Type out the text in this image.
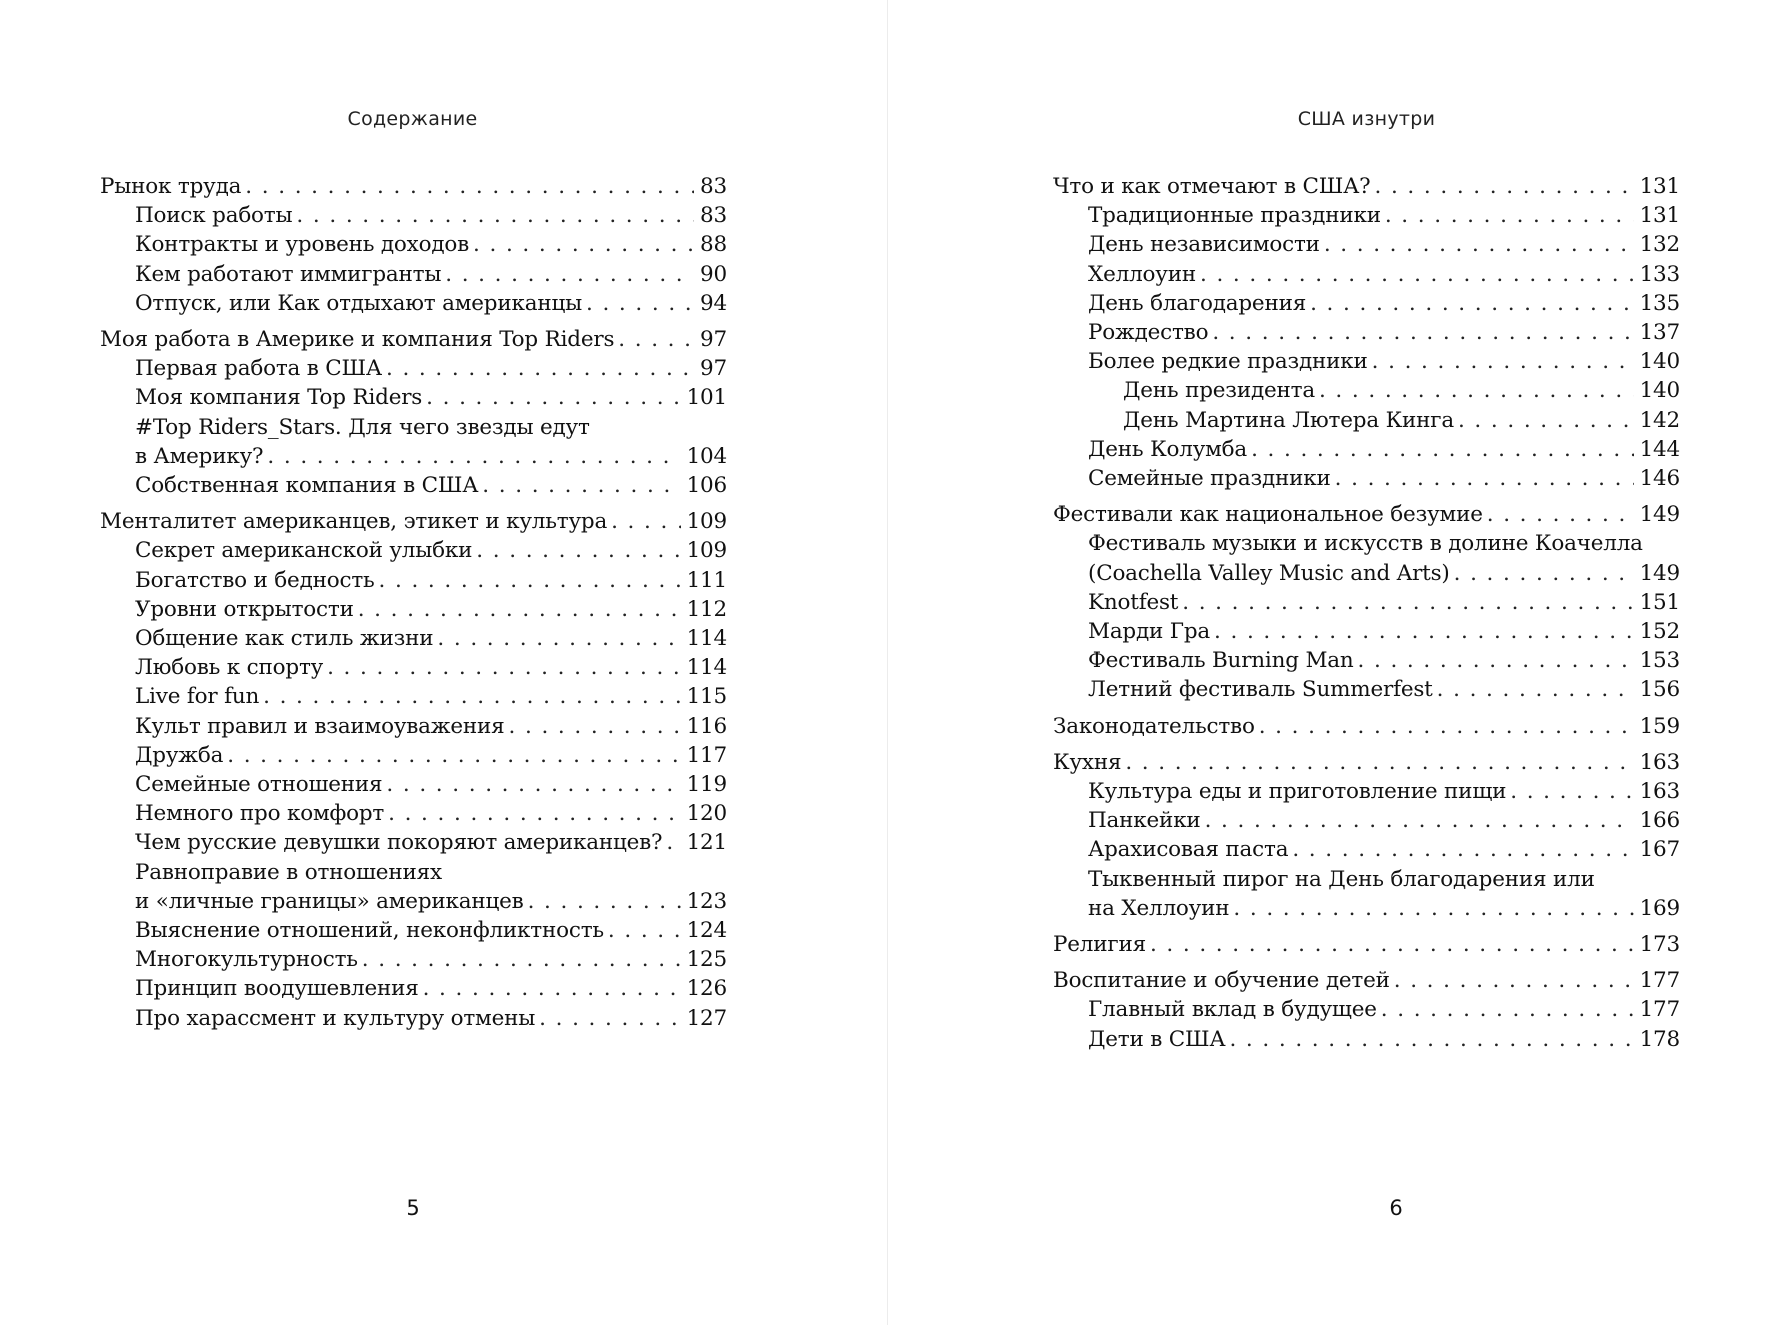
Содержание
Рынок труда . . .	83
Поиск работы . . .	83
Контракты и уровень доходов . . .	88
Кем работают иммигранты . . .	90
Отпуск, или Как отдыхают американцы . . .	94
Моя работа в Америке и компания Top Riders . . .	97
Первая работа в США . . .	97
Моя компания Top Riders . . .	101
#Top Riders_Stars. Для чего звезды едут
в Америку? . . .	104
Собственная компания в США . . .	106
Менталитет американцев, этикет и культура . . .	109
Секрет американской улыбки . . .	109
Богатство и бедность . . .	111
Уровни открытости . . .	112
Общение как стиль жизни . . .	114
Любовь к спорту . . .	114
Live for fun . . .	115
Культ правил и взаимоуважения . . .	116
Дружба . . .	117
Семейные отношения . . .	119
Немного про комфорт . . .	120
Чем русские девушки покоряют американцев? . . . 121
Равноправие в отношениях
и «личные границы» американцев . . .	123
Выяснение отношений, неконфликтность . . .	124
Многокультурность . . .	125
Принцип воодушевления . . .	126
Про харассмент и культуру отмены . . .	127
5
США изнутри
Что и как отмечают в США? . . .	131
Традиционные праздники . . .	131
День независимости . . .	132
Хеллоуин . . .	133
День благодарения . . .	135
Рождество . . .	137
Более редкие праздники . . .	140
День президента . . .	140
День Мартина Лютера Кинга . . .	142
День Колумба . . .	144
Семейные праздники . . .	146
Фестивали как национальное безумие . . .	149
Фестиваль музыки и искусств в долине Коачелла
(Coachella Valley Music and Arts) . . .	149
Knotfest . . .	151
Марди Гра . . .	152
Фестиваль Burning Man . . .	153
Летний фестиваль Summerfest . . .	156
Законодательство . . .	159
Кухня . . .	163
Культура еды и приготовление пищи . . .	163
Панкейки . . .	166
Арахисовая паста . . .	167
Тыквенный пирог на День благодарения или
на Хеллоуин . . .	169
Религия . . .	173
Воспитание и обучение детей . . .	177
Главный вклад в будущее . . .	177
Дети в США . . .	178
6
